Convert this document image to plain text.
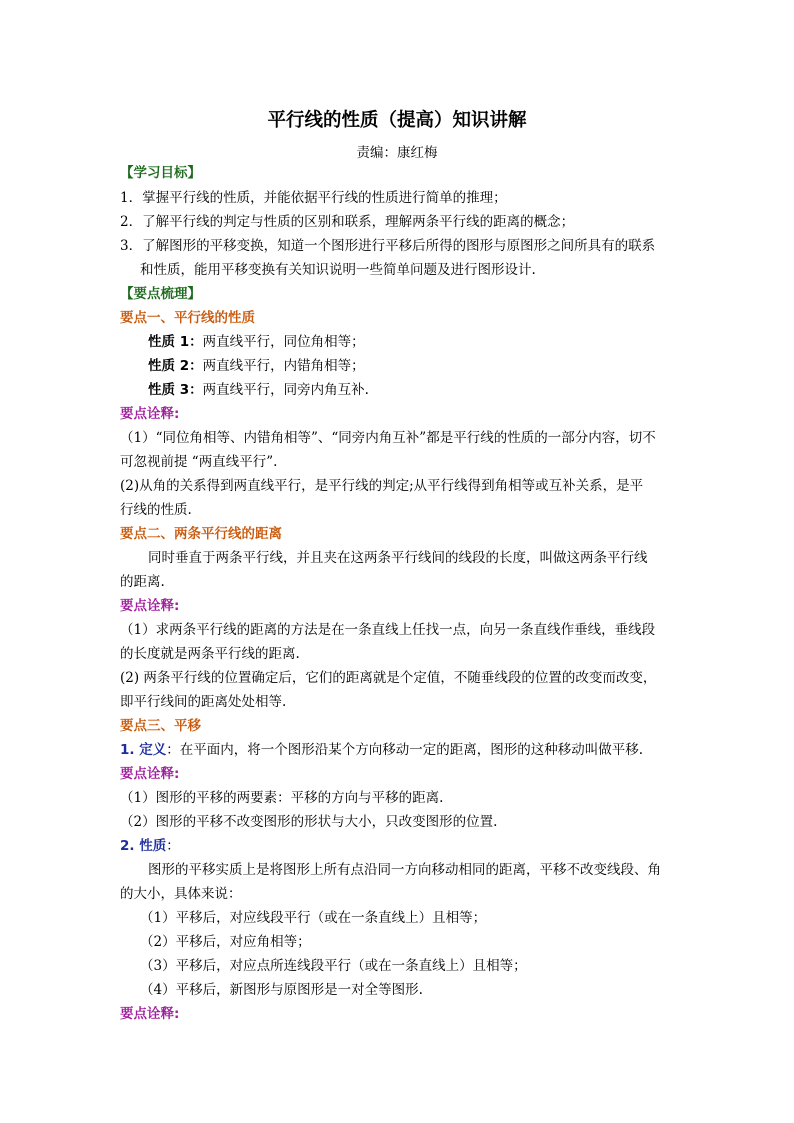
平行线的性质（提高）知识讲解
责编：康红梅
【学习目标】
1．掌握平行线的性质，并能依据平行线的性质进行简单的推理；
2．了解平行线的判定与性质的区别和联系，理解两条平行线的距离的概念；
3．了解图形的平移变换，知道一个图形进行平移后所得的图形与原图形之间所具有的联系
和性质，能用平移变换有关知识说明一些简单问题及进行图形设计.
【要点梳理】
要点一、平行线的性质
性质 1：两直线平行，同位角相等；
性质 2：两直线平行，内错角相等；
性质 3：两直线平行，同旁内角互补.
要点诠释:
（1）“同位角相等、内错角相等”、“同旁内角互补”都是平行线的性质的一部分内容，切不
可忽视前提 “两直线平行”.
(2)从角的关系得到两直线平行，是平行线的判定;从平行线得到角相等或互补关系，是平
行线的性质.
要点二、两条平行线的距离
同时垂直于两条平行线，并且夹在这两条平行线间的线段的长度，叫做这两条平行线
的距离.
要点诠释:
（1）求两条平行线的距离的方法是在一条直线上任找一点，向另一条直线作垂线，垂线段
的长度就是两条平行线的距离.
(2) 两条平行线的位置确定后，它们的距离就是个定值，不随垂线段的位置的改变而改变，
即平行线间的距离处处相等.
要点三、平移
1. 定义：在平面内，将一个图形沿某个方向移动一定的距离，图形的这种移动叫做平移.
要点诠释:
（1）图形的平移的两要素：平移的方向与平移的距离.
（2）图形的平移不改变图形的形状与大小，只改变图形的位置.
2. 性质：
图形的平移实质上是将图形上所有点沿同一方向移动相同的距离，平移不改变线段、角
的大小，具体来说：
（1）平移后，对应线段平行（或在一条直线上）且相等；
（2）平移后，对应角相等；
（3）平移后，对应点所连线段平行（或在一条直线上）且相等；
（4）平移后，新图形与原图形是一对全等图形.
要点诠释:
